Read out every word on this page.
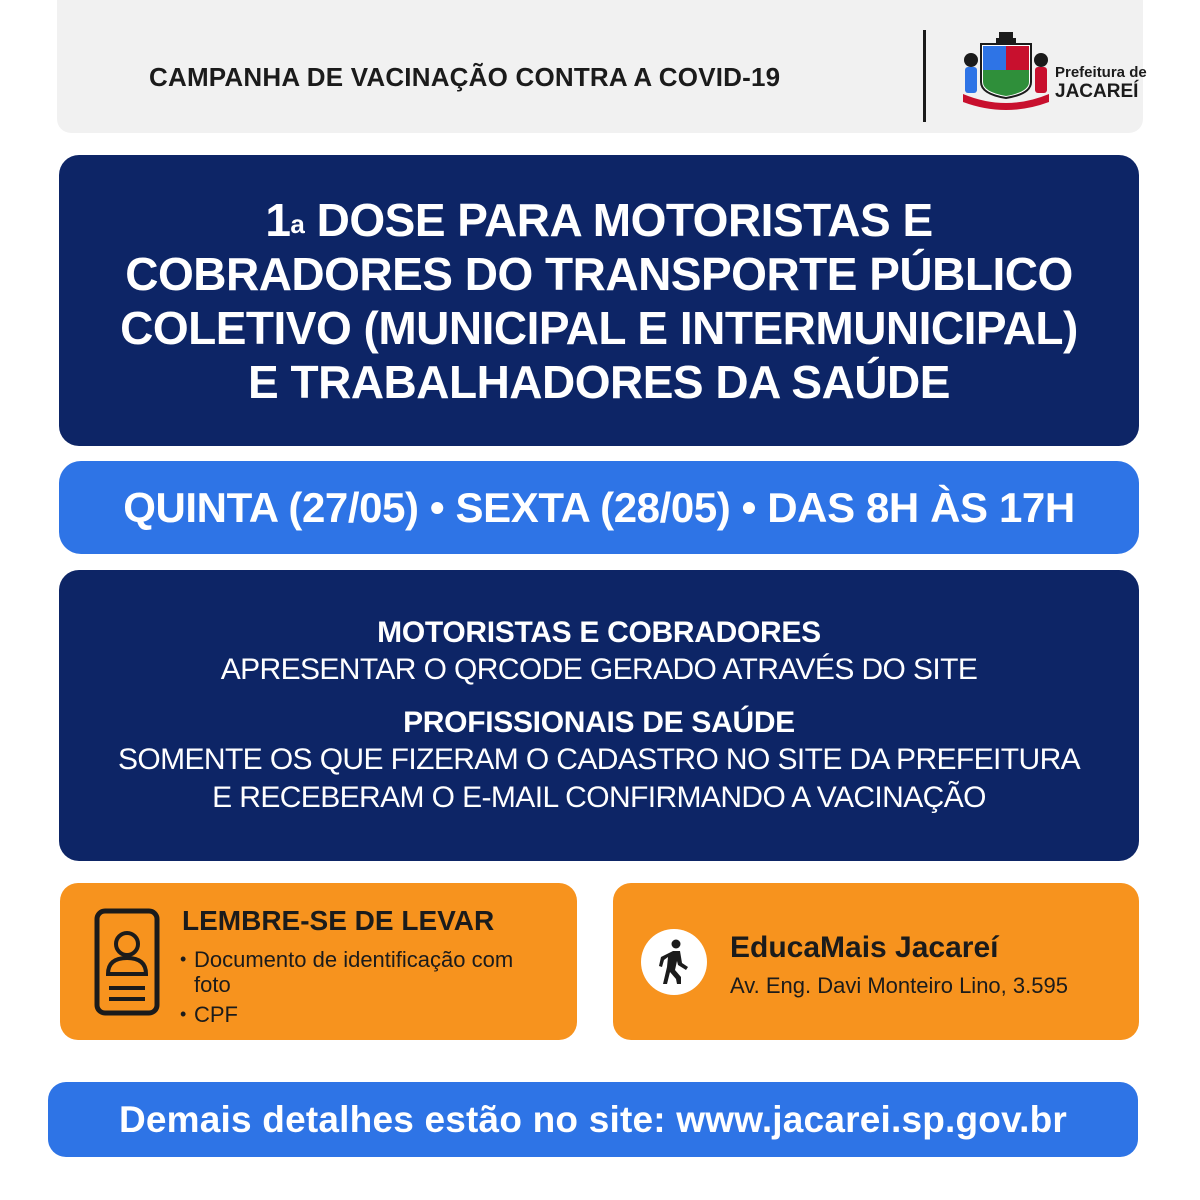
CAMPANHA DE VACINAÇÃO CONTRA A COVID-19	Prefeitura de
JACAREÍ
1$^a$ DOSE PARA MOTORISTAS E
COBRADORES DO TRANSPORTE PÚBLICO
COLETIVO (MUNICIPAL E INTERMUNICIPAL)
E TRABALHADORES DA SAÚDE
QUINTA (27/05) • SEXTA (28/05) • DAS 8H ÀS 17H
MOTORISTAS E COBRADORES
APRESENTAR O QRCODE GERADO ATRAVÉS DO SITE
PROFISSIONAIS DE SAÚDE
SOMENTE OS QUE FIZERAM O CADASTRO NO SITE DA PREFEITURA
E RECEBERAM O E-MAIL CONFIRMANDO A VACINAÇÃO
LEMBRE-SE DE LEVAR
• Documento de identificação com foto
• CPF
EducaMais Jacareí
Av. Eng. Davi Monteiro Lino, 3.595
Demais detalhes estão no site: www.jacarei.sp.gov.br
